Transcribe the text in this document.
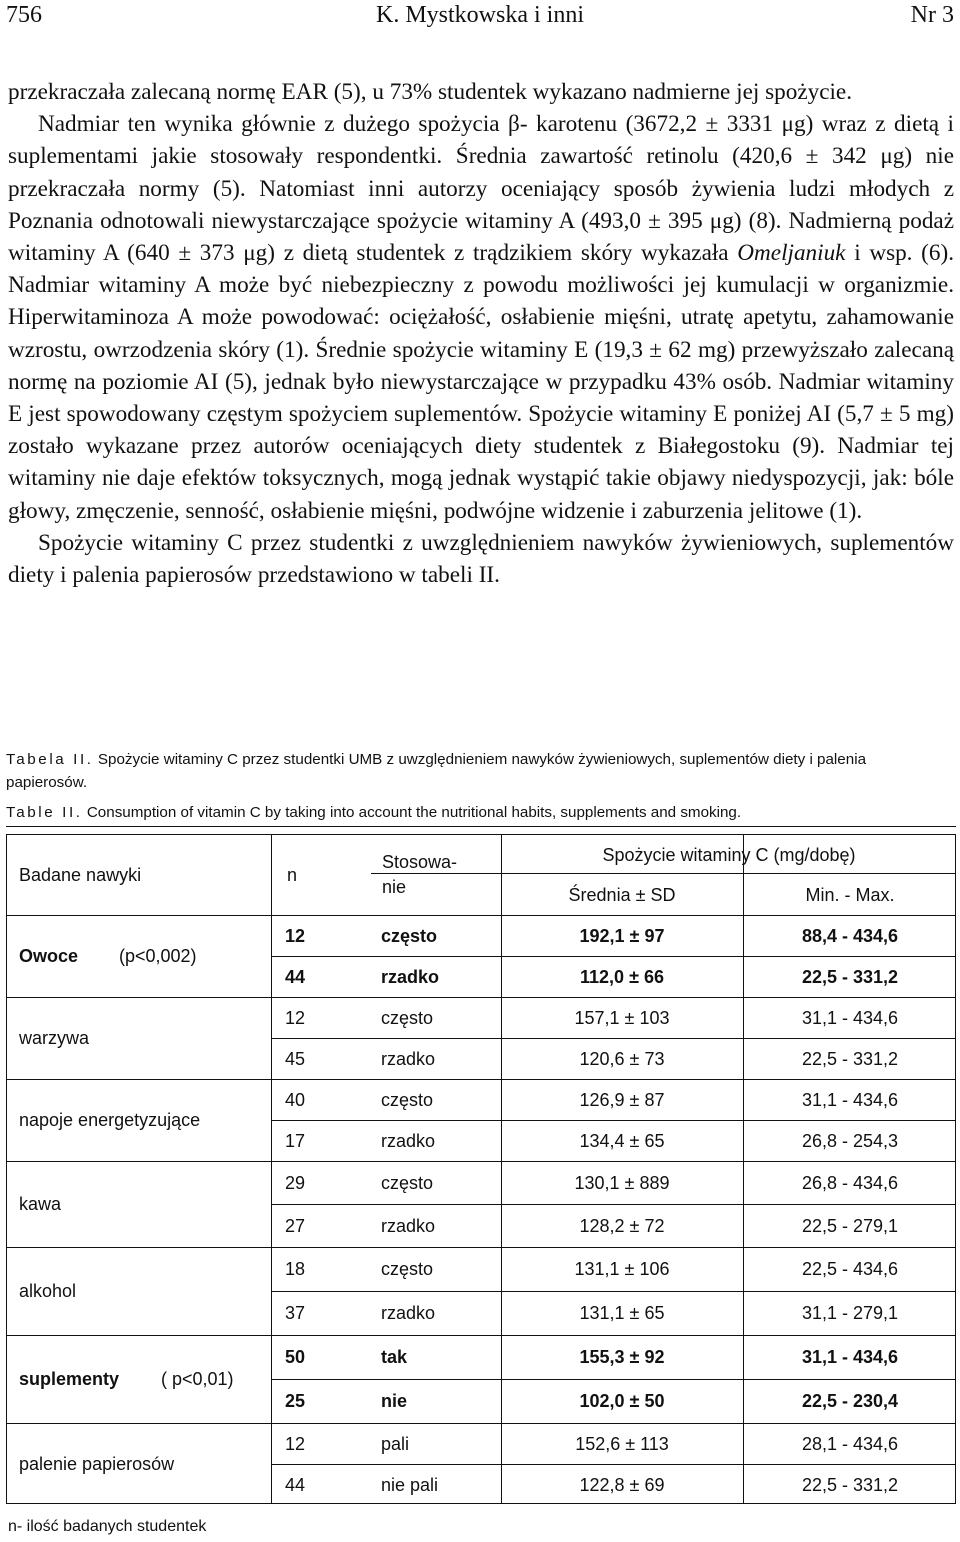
756	K. Mystkowska i inni	Nr 3

przekraczała zalecaną normę EAR (5), u 73% studentek wykazano nadmierne jej spożycie.

Nadmiar ten wynika głównie z dużego spożycia β- karotenu (3672,2 ± 3331 μg) wraz z dietą i suplementami jakie stosowały respondentki. Średnia zawartość retinolu (420,6 ± 342 μg) nie przekraczała normy (5). Natomiast inni autorzy oceniający sposób żywienia ludzi młodych z Poznania odnotowali niewystarczające spożycie witaminy A (493,0 ± 395 μg) (8). Nadmierną podaż witaminy A (640 ± 373 μg) z dietą studentek z trądzikiem skóry wykazała Omeljaniuk i wsp. (6). Nadmiar witaminy A może być niebezpieczny z powodu możliwości jej kumulacji w organizmie. Hiperwitaminoza A może powodować: ociężałość, osłabienie mięśni, utratę apetytu, zahamowanie wzrostu, owrzodzenia skóry (1). Średnie spożycie witaminy E (19,3 ± 62 mg) przewyższało zalecaną normę na poziomie AI (5), jednak było niewystarczające w przypadku 43% osób. Nadmiar witaminy E jest spowodowany częstym spożyciem suplementów. Spożycie witaminy E poniżej AI (5,7 ± 5 mg) zostało wykazane przez autorów oceniających diety studentek z Białegostoku (9). Nadmiar tej witaminy nie daje efektów toksycznych, mogą jednak wystąpić takie objawy niedyspozycji, jak: bóle głowy, zmęczenie, senność, osłabienie mięśni, podwójne widzenie i zaburzenia jelitowe (1).

Spożycie witaminy C przez studentki z uwzględnieniem nawyków żywieniowych, suplementów diety i palenia papierosów przedstawiono w tabeli II.

Tabela II. Spożycie witaminy C przez studentki UMB z uwzględnieniem nawyków żywieniowych, suplementów diety i palenia papierosów.
Table II. Consumption of vitamin C by taking into account the nutritional habits, supplements and smoking.
Badane nawyki	n
Stosowa-
nie
Spożycie witaminy C (mg/dobę)
Średnia ± SD	Min. - Max.
Owoce (p<0,002)
12	często	192,1 ± 97	88,4 - 434,6
44	rzadko	112,0 ± 66	22,5 - 331,2
warzywa
12	często	157,1 ± 103	31,1 - 434,6
45	rzadko	120,6 ± 73	22,5 - 331,2
napoje energetyzujące
40	często	126,9 ± 87	31,1 - 434,6
17	rzadko	134,4 ± 65	26,8 - 254,3
kawa
29	często	130,1 ± 889	26,8 - 434,6
27	rzadko	128,2 ± 72	22,5 - 279,1
alkohol
18	często	131,1 ± 106	22,5 - 434,6
37	rzadko	131,1 ± 65	31,1 - 279,1
suplementy ( p<0,01)
50	tak	155,3 ± 92	31,1 - 434,6
25	nie	102,0 ± 50	22,5 - 230,4
palenie papierosów
12	pali	152,6 ± 113	28,1 - 434,6
44	nie pali	122,8 ± 69	22,5 - 331,2
n- ilość badanych studentek
